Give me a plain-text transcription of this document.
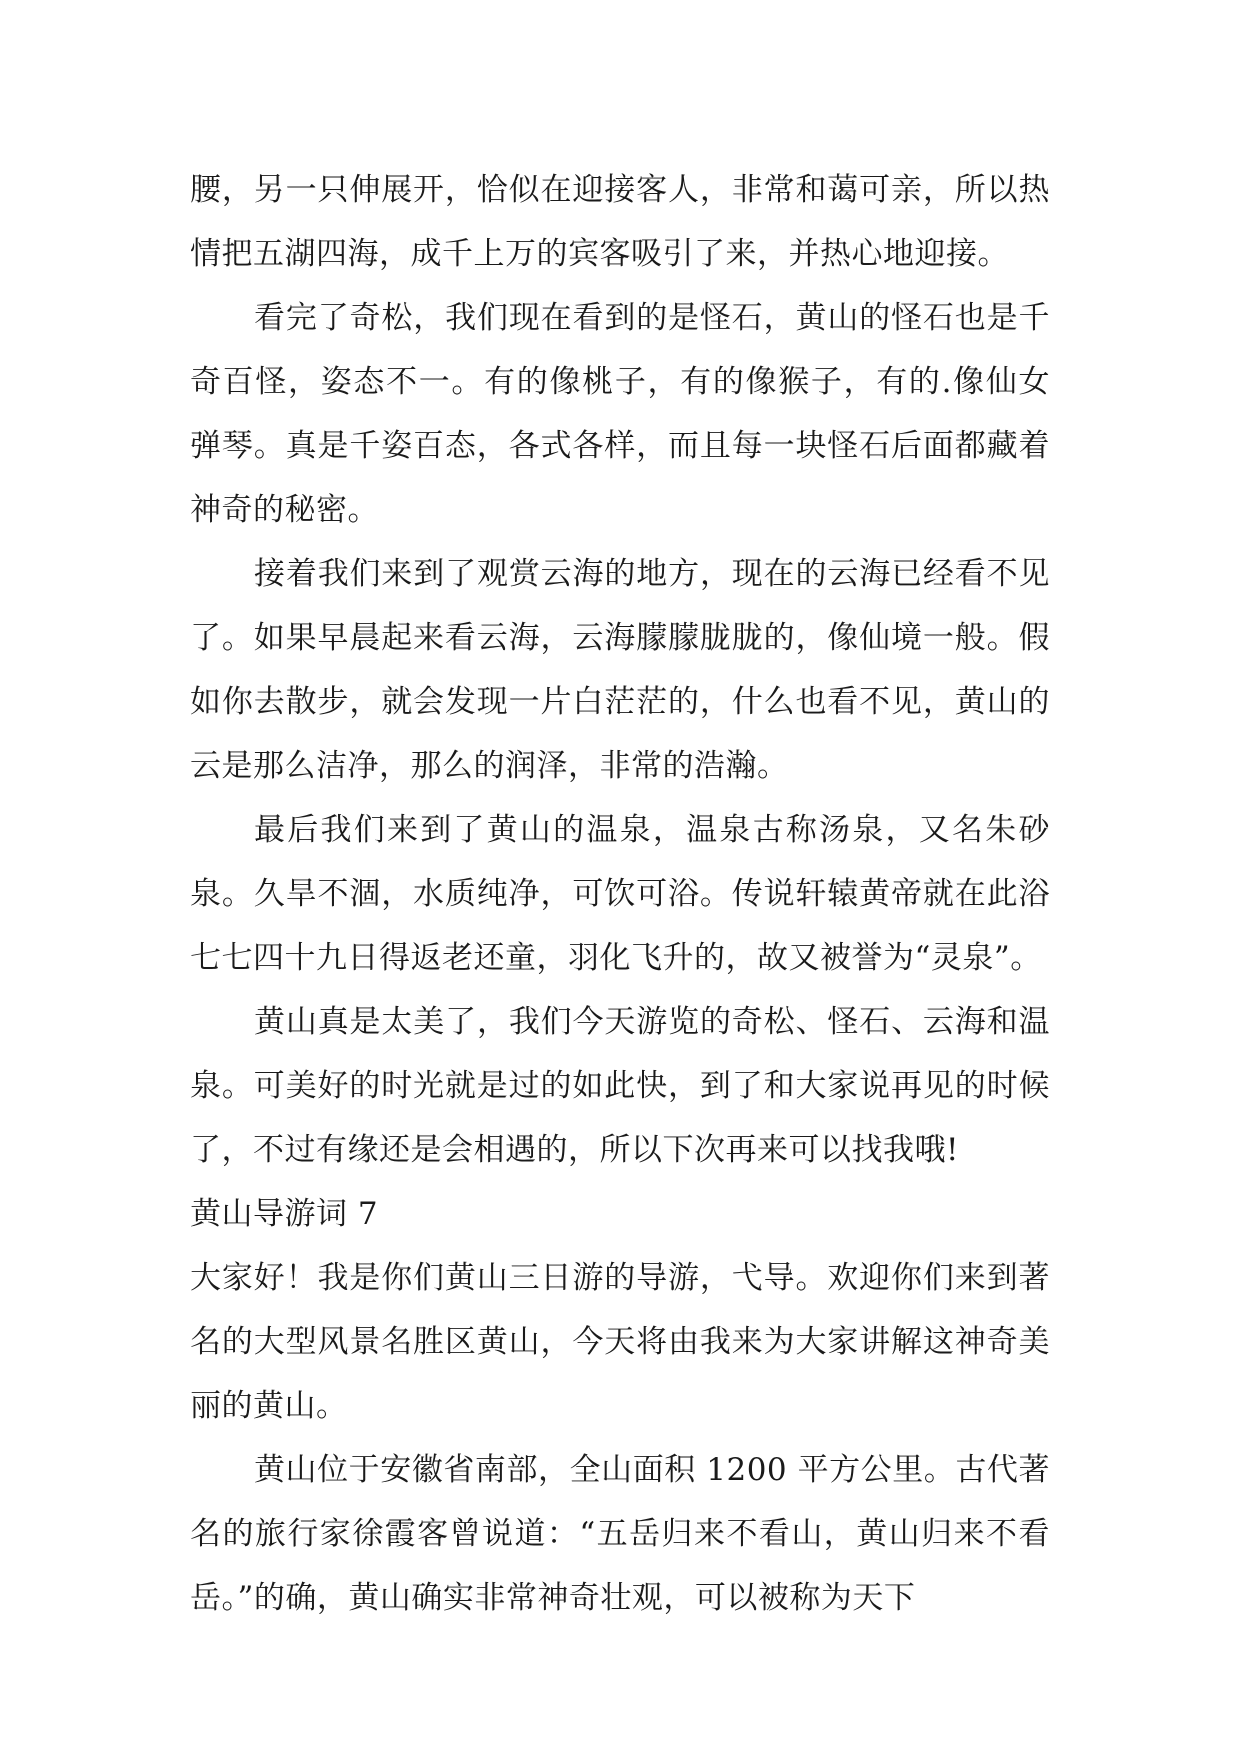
腰，另一只伸展开，恰似在迎接客人，非常和蔼可亲，所以热情把五湖四海，成千上万的宾客吸引了来，并热心地迎接。

看完了奇松，我们现在看到的是怪石，黄山的怪石也是千奇百怪，姿态不一。有的像桃子，有的像猴子，有的.像仙女弹琴。真是千姿百态，各式各样，而且每一块怪石后面都藏着神奇的秘密。

接着我们来到了观赏云海的地方，现在的云海已经看不见了。如果早晨起来看云海，云海朦朦胧胧的，像仙境一般。假如你去散步，就会发现一片白茫茫的，什么也看不见，黄山的云是那么洁净，那么的润泽，非常的浩瀚。

最后我们来到了黄山的温泉，温泉古称汤泉，又名朱砂泉。久旱不涸，水质纯净，可饮可浴。传说轩辕黄帝就在此浴七七四十九日得返老还童，羽化飞升的，故又被誉为“灵泉”。

黄山真是太美了，我们今天游览的奇松、怪石、云海和温泉。可美好的时光就是过的如此快，到了和大家说再见的时候了，不过有缘还是会相遇的，所以下次再来可以找我哦!

黄山导游词 7

大家好！我是你们黄山三日游的导游，弋导。欢迎你们来到著名的大型风景名胜区黄山，今天将由我来为大家讲解这神奇美丽的黄山。

黄山位于安徽省南部，全山面积 1200 平方公里。古代著名的旅行家徐霞客曾说道：“五岳归来不看山，黄山归来不看岳。”的确，黄山确实非常神奇壮观，可以被称为天下
